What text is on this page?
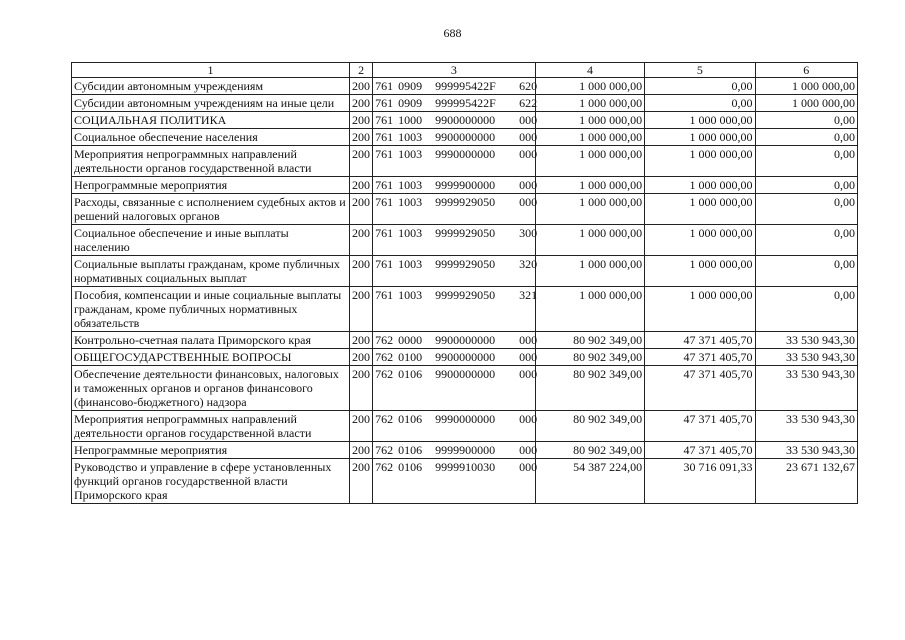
688
1	2	3	4	5	6
Субсидии автономным учреждениям	200	761 0909 999995422F 620	1 000 000,00	0,00	1 000 000,00
Субсидии автономным учреждениям на иные цели	200	761 0909 999995422F 622	1 000 000,00	0,00	1 000 000,00
СОЦИАЛЬНАЯ ПОЛИТИКА	200	761 1000 9900000000 000	1 000 000,00	1 000 000,00	0,00
Социальное обеспечение населения	200	761 1003 9900000000 000	1 000 000,00	1 000 000,00	0,00
Мероприятия непрограммных направлений деятельности органов государственной власти	200	761 1003 9990000000 000	1 000 000,00	1 000 000,00	0,00
Непрограммные мероприятия	200	761 1003 9999900000 000	1 000 000,00	1 000 000,00	0,00
Расходы, связанные с исполнением судебных актов и решений налоговых органов	200	761 1003 9999929050 000	1 000 000,00	1 000 000,00	0,00
Социальное обеспечение и иные выплаты населению	200	761 1003 9999929050 300	1 000 000,00	1 000 000,00	0,00
Социальные выплаты гражданам, кроме публичных нормативных социальных выплат	200	761 1003 9999929050 320	1 000 000,00	1 000 000,00	0,00
Пособия, компенсации и иные социальные выплаты гражданам, кроме публичных нормативных обязательств	200	761 1003 9999929050 321	1 000 000,00	1 000 000,00	0,00
Контрольно-счетная палата Приморского края	200	762 0000 9900000000 000	80 902 349,00	47 371 405,70	33 530 943,30
ОБЩЕГОСУДАРСТВЕННЫЕ ВОПРОСЫ	200	762 0100 9900000000 000	80 902 349,00	47 371 405,70	33 530 943,30
Обеспечение деятельности финансовых, налоговых и таможенных органов и органов финансового (финансово-бюджетного) надзора	200	762 0106 9900000000 000	80 902 349,00	47 371 405,70	33 530 943,30
Мероприятия непрограммных направлений деятельности органов государственной власти	200	762 0106 9990000000 000	80 902 349,00	47 371 405,70	33 530 943,30
Непрограммные мероприятия	200	762 0106 9999900000 000	80 902 349,00	47 371 405,70	33 530 943,30
Руководство и управление в сфере установленных функций органов государственной власти Приморского края	200	762 0106 9999910030 000	54 387 224,00	30 716 091,33	23 671 132,67
